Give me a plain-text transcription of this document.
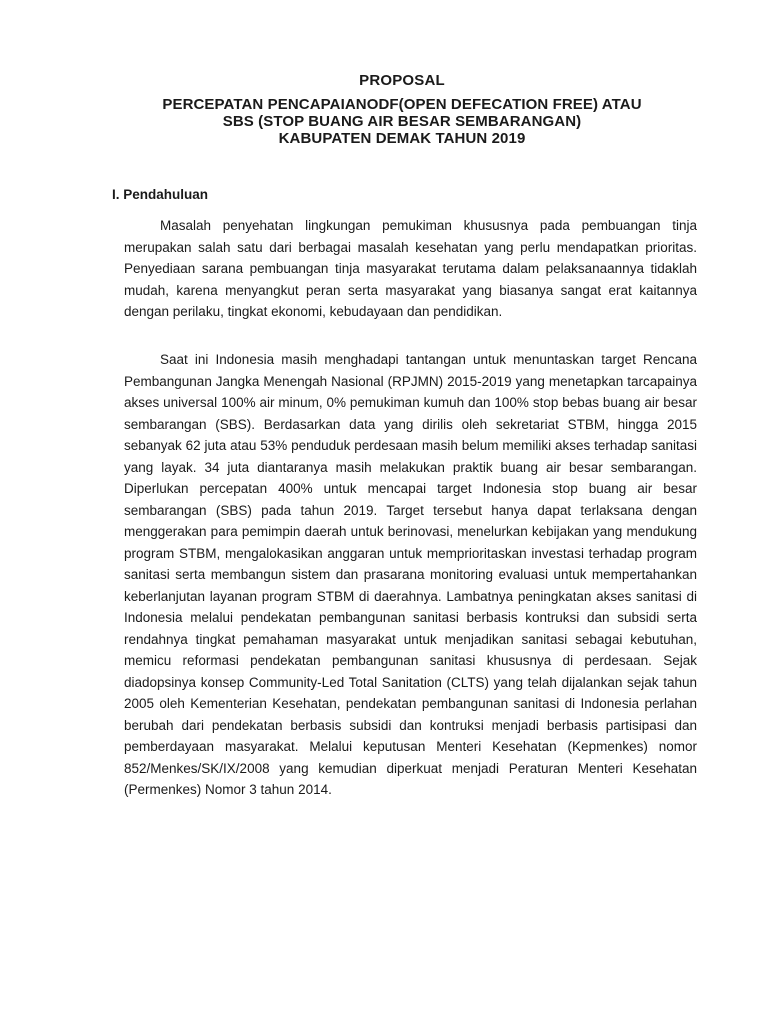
PROPOSAL
PERCEPATAN PENCAPAIANODF(OPEN DEFECATION FREE) ATAU
SBS (STOP BUANG AIR BESAR SEMBARANGAN)
KABUPATEN DEMAK TAHUN 2019
I. Pendahuluan

Masalah penyehatan lingkungan pemukiman khususnya pada pembuangan tinja merupakan salah satu dari berbagai masalah kesehatan yang perlu mendapatkan prioritas. Penyediaan sarana pembuangan tinja masyarakat terutama dalam pelaksanaannya tidaklah mudah, karena menyangkut peran serta masyarakat yang biasanya sangat erat kaitannya dengan perilaku, tingkat ekonomi, kebudayaan dan pendidikan.

Saat ini Indonesia masih menghadapi tantangan untuk menuntaskan target Rencana Pembangunan Jangka Menengah Nasional (RPJMN) 2015-2019 yang menetapkan tarcapainya akses universal 100% air minum, 0% pemukiman kumuh dan 100% stop bebas buang air besar sembarangan (SBS). Berdasarkan data yang dirilis oleh sekretariat STBM, hingga 2015 sebanyak 62 juta atau 53% penduduk perdesaan masih belum memiliki akses terhadap sanitasi yang layak. 34 juta diantaranya masih melakukan praktik buang air besar sembarangan. Diperlukan percepatan 400% untuk mencapai target Indonesia stop buang air besar sembarangan (SBS) pada tahun 2019. Target tersebut hanya dapat terlaksana dengan menggerakan para pemimpin daerah untuk berinovasi, menelurkan kebijakan yang mendukung program STBM, mengalokasikan anggaran untuk memprioritaskan investasi terhadap program sanitasi serta membangun sistem dan prasarana monitoring evaluasi untuk mempertahankan keberlanjutan layanan program STBM di daerahnya. Lambatnya peningkatan akses sanitasi di Indonesia melalui pendekatan pembangunan sanitasi berbasis kontruksi dan subsidi serta rendahnya tingkat pemahaman masyarakat untuk menjadikan sanitasi sebagai kebutuhan, memicu reformasi pendekatan pembangunan sanitasi khususnya di perdesaan. Sejak diadopsinya konsep Community-Led Total Sanitation (CLTS) yang telah dijalankan sejak tahun 2005 oleh Kementerian Kesehatan, pendekatan pembangunan sanitasi di Indonesia perlahan berubah dari pendekatan berbasis subsidi dan kontruksi menjadi berbasis partisipasi dan pemberdayaan masyarakat. Melalui keputusan Menteri Kesehatan (Kepmenkes) nomor 852/Menkes/SK/IX/2008 yang kemudian diperkuat menjadi Peraturan Menteri Kesehatan (Permenkes) Nomor 3 tahun 2014.
